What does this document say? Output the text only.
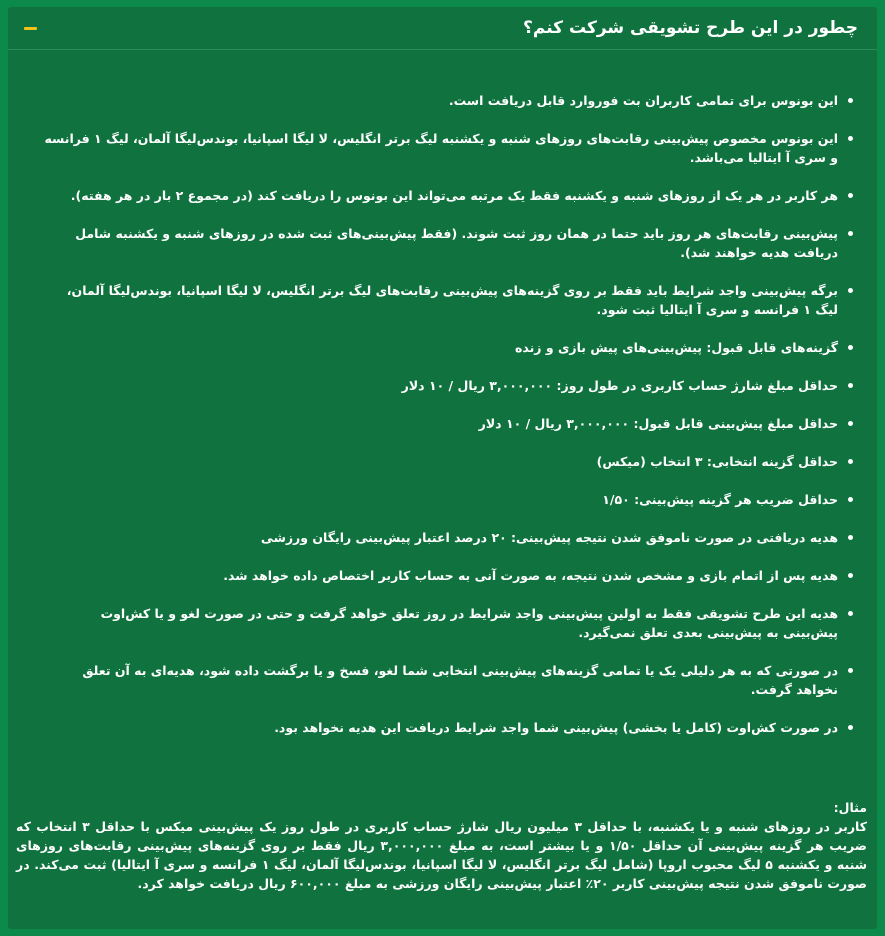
چطور در این طرح تشویقی شرکت کنم؟
این بونوس برای تمامی کاربران بت فوروارد قابل دریافت است.
این بونوس مخصوص پیش‌بینی رقابت‌های روزهای شنبه و یکشنبه لیگ برتر انگلیس، لا لیگا اسپانیا، بوندس‌لیگا آلمان، لیگ ۱ فرانسه و سری آ ایتالیا می‌باشد.
هر کاربر در هر یک از روزهای شنبه و یکشنبه فقط یک مرتبه می‌تواند این بونوس را دریافت کند (در مجموع ۲ بار در هر هفته).
پیش‌بینی رقابت‌های هر روز باید حتما در همان روز ثبت شوند. (فقط پیش‌بینی‌های ثبت شده در روزهای شنبه و یکشنبه شامل دریافت هدیه خواهند شد).
برگه پیش‌بینی واجد شرایط باید فقط بر روی گزینه‌های پیش‌بینی رقابت‌های لیگ برتر انگلیس، لا لیگا اسپانیا، بوندس‌لیگا آلمان، لیگ ۱ فرانسه و سری آ ایتالیا ثبت شود.
گزینه‌های قابل قبول: پیش‌بینی‌های پیش بازی و زنده
حداقل مبلغ شارژ حساب کاربری در طول روز: ۳,۰۰۰,۰۰۰ ریال / ۱۰ دلار
حداقل مبلغ پیش‌بینی قابل قبول: ۳,۰۰۰,۰۰۰ ریال / ۱۰ دلار
حداقل گزینه انتخابی: ۳ انتخاب (میکس)
حداقل ضریب هر گزینه پیش‌بینی: ۱/۵۰
هدیه دریافتی در صورت ناموفق شدن نتیجه پیش‌بینی: ۲۰ درصد اعتبار پیش‌بینی رایگان ورزشی
هدیه پس از اتمام بازی و مشخص شدن نتیجه، به صورت آنی به حساب کاربر اختصاص داده خواهد شد.
هدیه این طرح تشویقی فقط به اولین پیش‌بینی واجد شرایط در روز تعلق خواهد گرفت و حتی در صورت لغو و یا کش‌اوت پیش‌بینی به پیش‌بینی بعدی تعلق نمی‌گیرد.
در صورتی که به هر دلیلی یک یا تمامی گزینه‌های پیش‌بینی انتخابی شما لغو، فسخ و یا برگشت داده شود، هدیه‌ای به آن تعلق نخواهد گرفت.
در صورت کش‌اوت (کامل یا بخشی) پیش‌بینی شما واجد شرایط دریافت این هدیه نخواهد بود.
مثال:
کاربر در روزهای شنبه و یا یکشنبه، با حداقل ۳ میلیون ریال شارژ حساب کاربری در طول روز یک پیش‌بینی میکس با حداقل ۳ انتخاب که ضریب هر گزینه پیش‌بینی آن حداقل ۱/۵۰ و یا بیشتر است، به مبلغ ۳,۰۰۰,۰۰۰ ریال فقط بر روی گزینه‌های پیش‌بینی رقابت‌های روزهای شنبه و یکشنبه ۵ لیگ محبوب اروپا (شامل لیگ برتر انگلیس، لا لیگا اسپانیا، بوندس‌لیگا آلمان، لیگ ۱ فرانسه و سری آ ایتالیا) ثبت می‌کند. در صورت ناموفق شدن نتیجه پیش‌بینی کاربر ۲۰٪ اعتبار پیش‌بینی رایگان ورزشی به مبلغ ۶۰۰,۰۰۰ ریال دریافت خواهد کرد.
